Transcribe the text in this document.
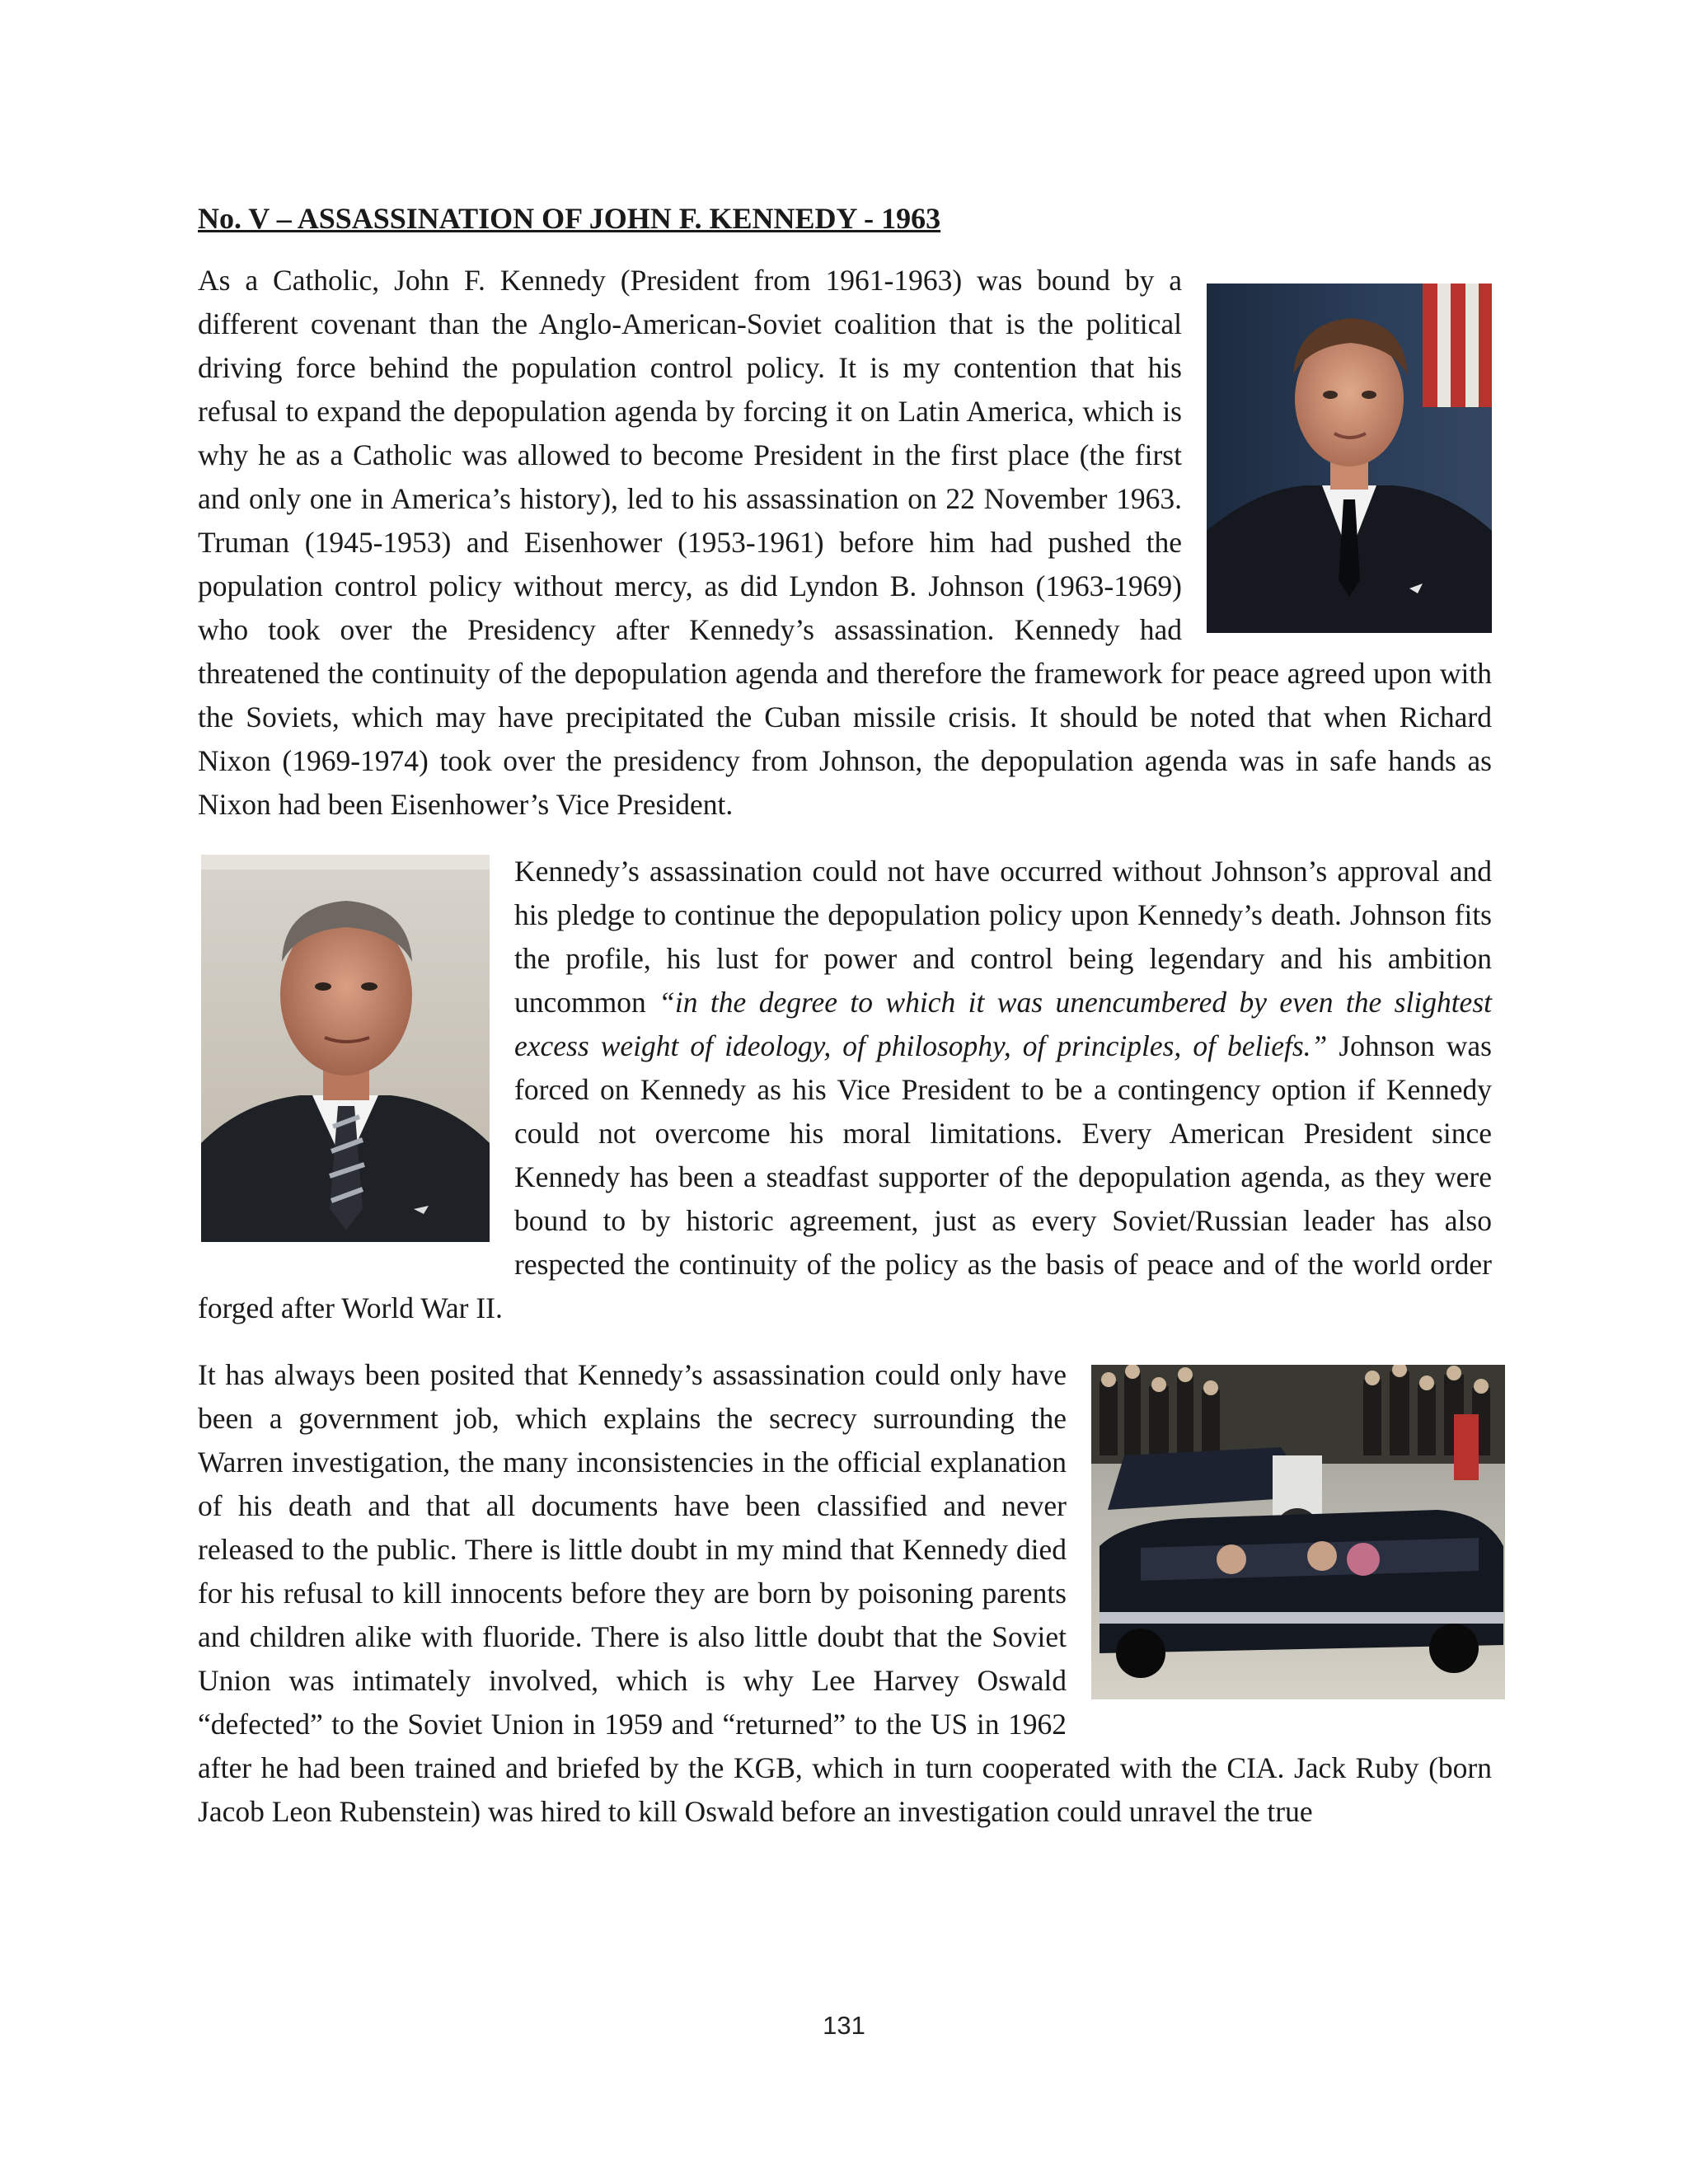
No. V – ASSASSINATION OF JOHN F. KENNEDY - 1963
As a Catholic, John F. Kennedy (President from 1961-1963) was bound by a different covenant than the Anglo-American-Soviet coalition that is the political driving force behind the population control policy. It is my contention that his refusal to expand the depopulation agenda by forcing it on Latin America, which is why he as a Catholic was allowed to become President in the first place (the first and only one in America’s history), led to his assassination on 22 November 1963. Truman (1945-1953) and Eisenhower (1953-1961) before him had pushed the population control policy without mercy, as did Lyndon B. Johnson (1963-1969) who took over the Presidency after Kennedy’s assassination. Kennedy had threatened the continuity of the depopulation agenda and therefore the framework for peace agreed upon with the Soviets, which may have precipitated the Cuban missile crisis. It should be noted that when Richard Nixon (1969-1974) took over the presidency from Johnson, the depopulation agenda was in safe hands as Nixon had been Eisenhower’s Vice President.
Kennedy’s assassination could not have occurred without Johnson’s approval and his pledge to continue the depopulation policy upon Kennedy’s death. Johnson fits the profile, his lust for power and control being legendary and his ambition uncommon “in the degree to which it was unencumbered by even the slightest excess weight of ideology, of philosophy, of principles, of beliefs.” Johnson was forced on Kennedy as his Vice President to be a contingency option if Kennedy could not overcome his moral limitations. Every American President since Kennedy has been a steadfast supporter of the depopulation agenda, as they were bound to by historic agreement, just as every Soviet/Russian leader has also respected the continuity of the policy as the basis of peace and of the world order forged after World War II.
It has always been posited that Kennedy’s assassination could only have been a government job, which explains the secrecy surrounding the Warren investigation, the many inconsistencies in the official explanation of his death and that all documents have been classified and never released to the public. There is little doubt in my mind that Kennedy died for his refusal to kill innocents before they are born by poisoning parents and children alike with fluoride. There is also little doubt that the Soviet Union was intimately involved, which is why Lee Harvey Oswald “defected” to the Soviet Union in 1959 and “returned” to the US in 1962 after he had been trained and briefed by the KGB, which in turn cooperated with the CIA. Jack Ruby (born Jacob Leon Rubenstein) was hired to kill Oswald before an investigation could unravel the true
131
